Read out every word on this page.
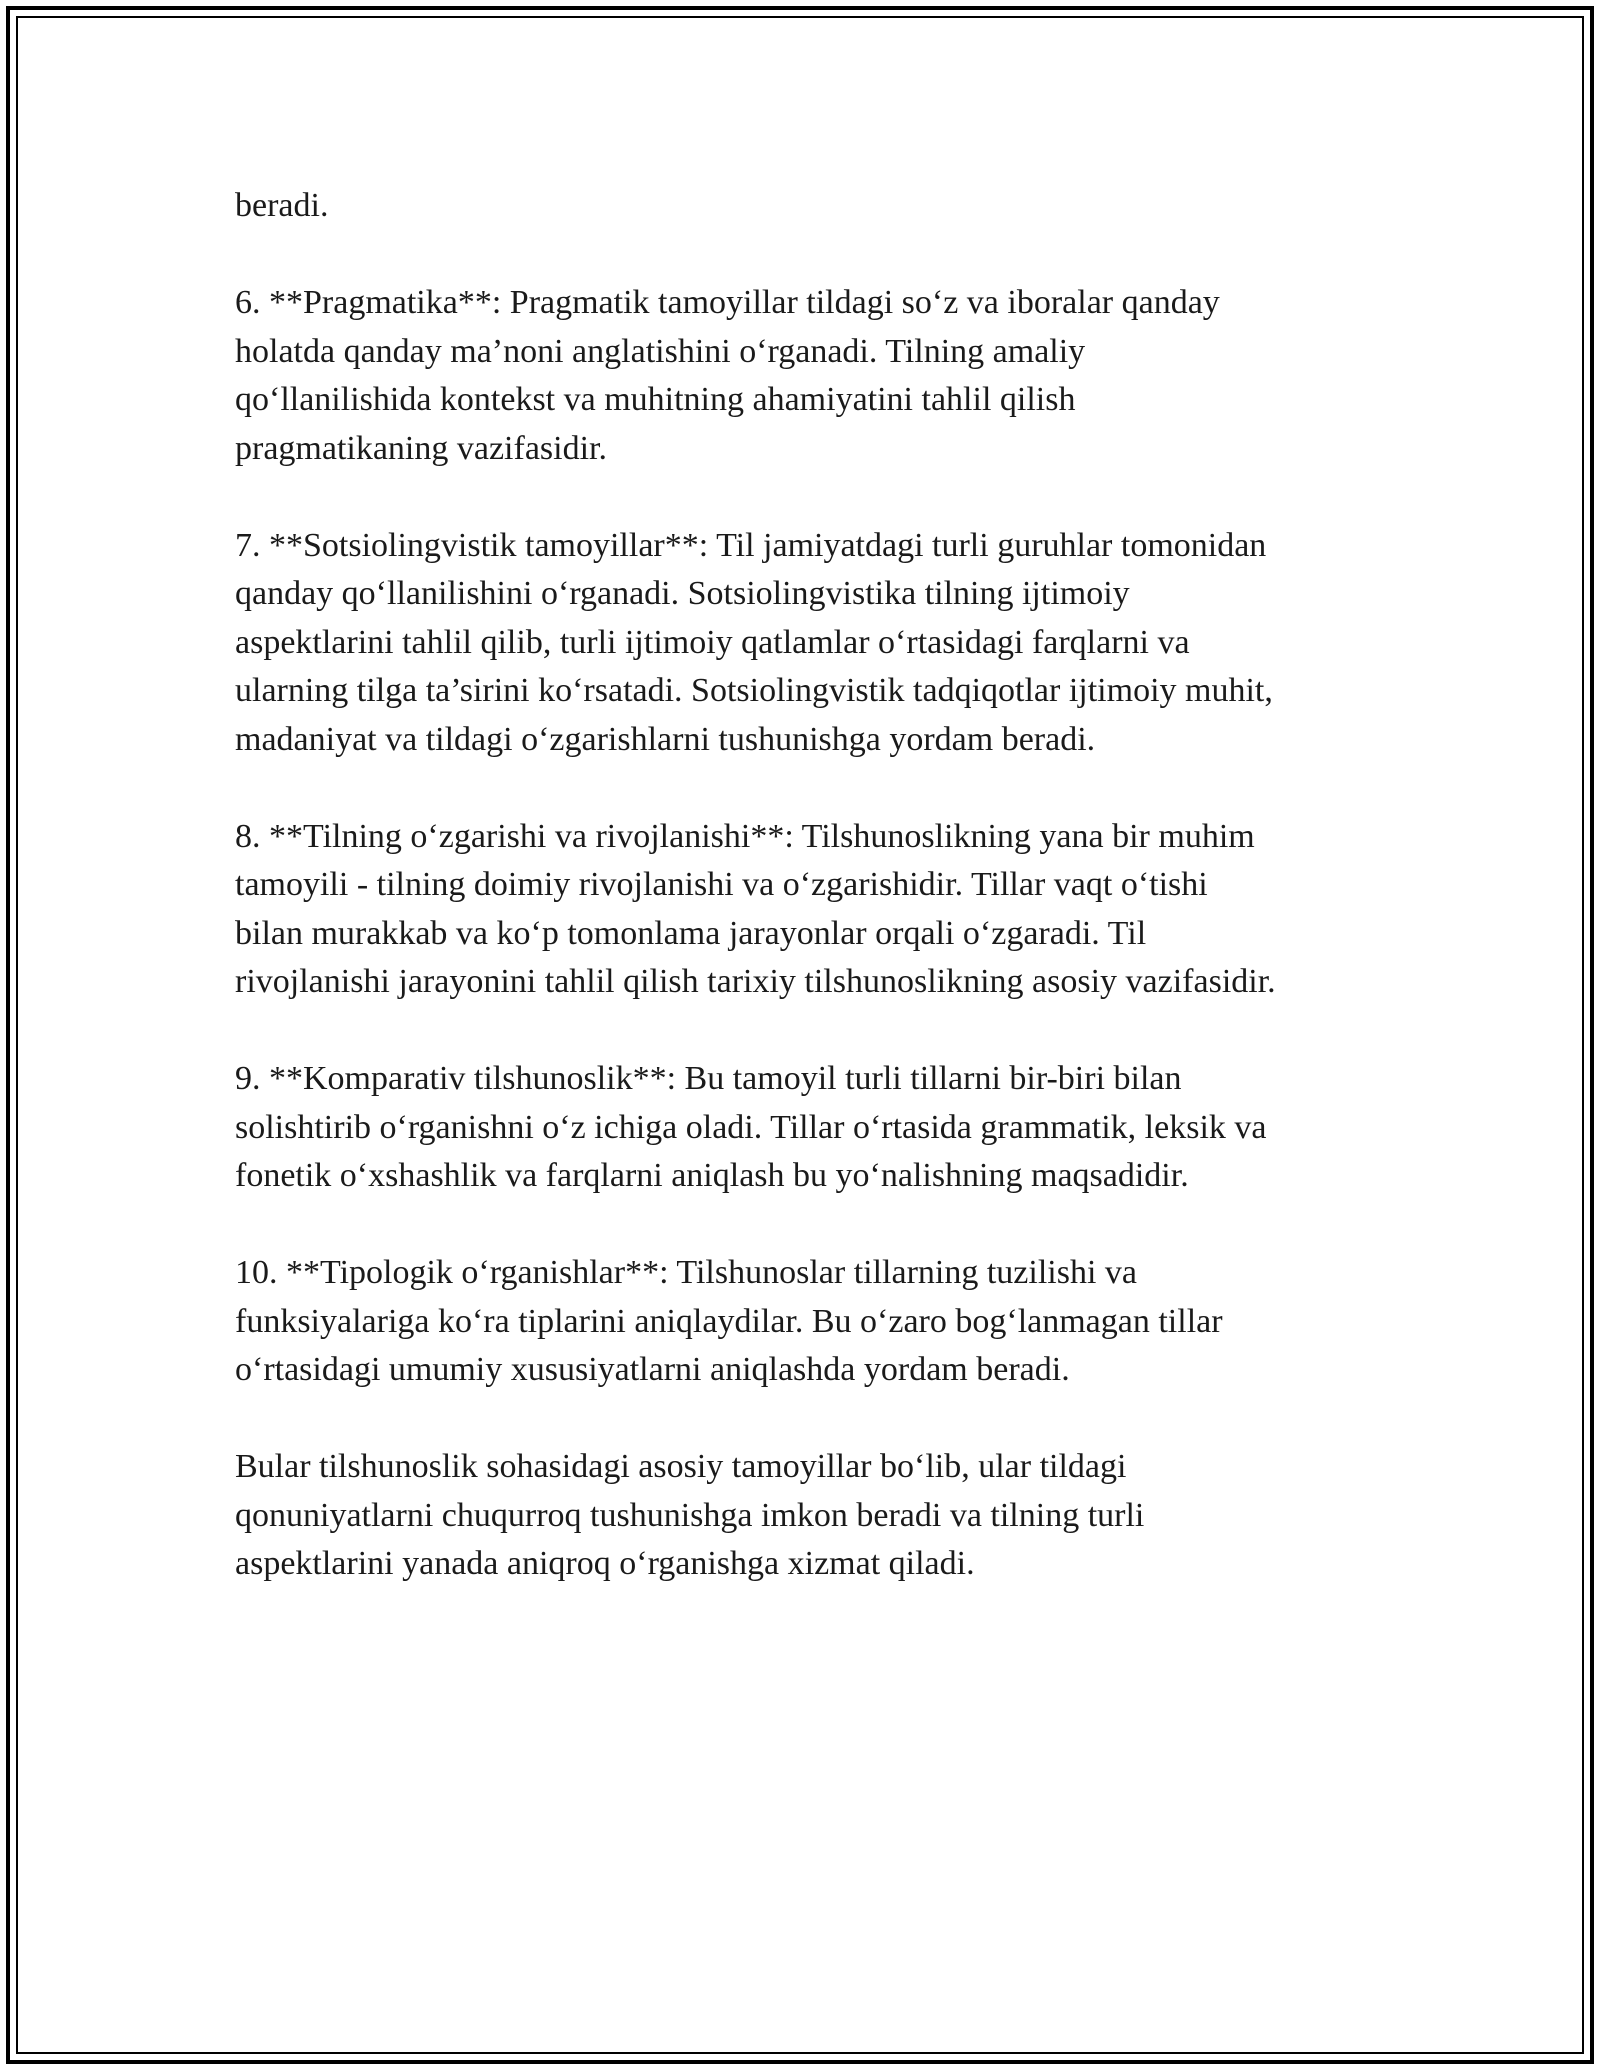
beradi.

6. **Pragmatika**: Pragmatik tamoyillar tildagi so‘z va iboralar qanday
holatda qanday ma’noni anglatishini o‘rganadi. Tilning amaliy
qo‘llanilishida kontekst va muhitning ahamiyatini tahlil qilish
pragmatikaning vazifasidir.

7. **Sotsiolingvistik tamoyillar**: Til jamiyatdagi turli guruhlar tomonidan
qanday qo‘llanilishini o‘rganadi. Sotsiolingvistika tilning ijtimoiy
aspektlarini tahlil qilib, turli ijtimoiy qatlamlar o‘rtasidagi farqlarni va
ularning tilga ta’sirini ko‘rsatadi. Sotsiolingvistik tadqiqotlar ijtimoiy muhit,
madaniyat va tildagi o‘zgarishlarni tushunishga yordam beradi.

8. **Tilning o‘zgarishi va rivojlanishi**: Tilshunoslikning yana bir muhim
tamoyili - tilning doimiy rivojlanishi va o‘zgarishidir. Tillar vaqt o‘tishi
bilan murakkab va ko‘p tomonlama jarayonlar orqali o‘zgaradi. Til
rivojlanishi jarayonini tahlil qilish tarixiy tilshunoslikning asosiy vazifasidir.

9. **Komparativ tilshunoslik**: Bu tamoyil turli tillarni bir-biri bilan
solishtirib o‘rganishni o‘z ichiga oladi. Tillar o‘rtasida grammatik, leksik va
fonetik o‘xshashlik va farqlarni aniqlash bu yo‘nalishning maqsadidir.

10. **Tipologik o‘rganishlar**: Tilshunoslar tillarning tuzilishi va
funksiyalariga ko‘ra tiplarini aniqlaydilar. Bu o‘zaro bog‘lanmagan tillar
o‘rtasidagi umumiy xususiyatlarni aniqlashda yordam beradi.

Bular tilshunoslik sohasidagi asosiy tamoyillar bo‘lib, ular tildagi
qonuniyatlarni chuqurroq tushunishga imkon beradi va tilning turli
aspektlarini yanada aniqroq o‘rganishga xizmat qiladi.
